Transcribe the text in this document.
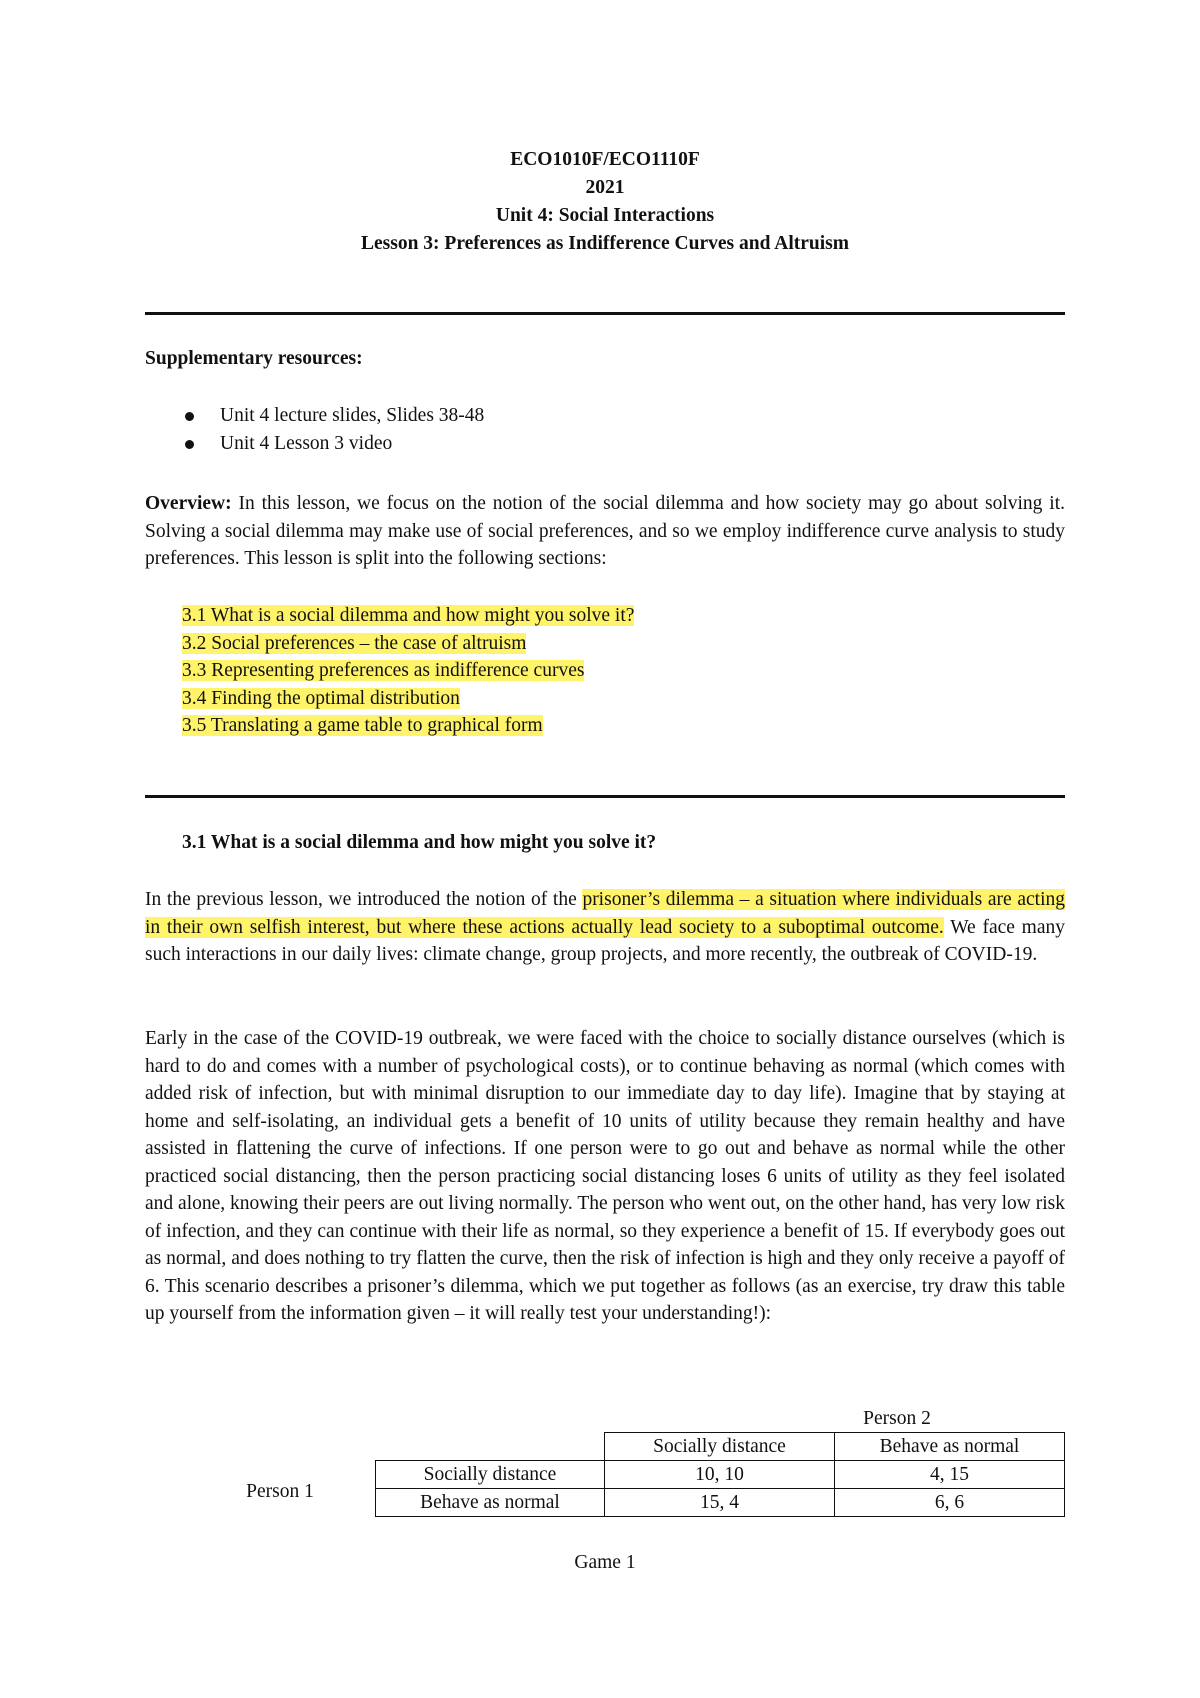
ECO1010F/ECO1110F
2021
Unit 4: Social Interactions
Lesson 3: Preferences as Indifference Curves and Altruism
Supplementary resources:
Unit 4 lecture slides, Slides 38-48
Unit 4 Lesson 3 video
Overview: In this lesson, we focus on the notion of the social dilemma and how society may go about solving it. Solving a social dilemma may make use of social preferences, and so we employ indifference curve analysis to study preferences. This lesson is split into the following sections:
3.1 What is a social dilemma and how might you solve it?
3.2 Social preferences – the case of altruism
3.3 Representing preferences as indifference curves
3.4 Finding the optimal distribution
3.5 Translating a game table to graphical form
3.1 What is a social dilemma and how might you solve it?
In the previous lesson, we introduced the notion of the prisoner’s dilemma – a situation where individuals are acting in their own selfish interest, but where these actions actually lead society to a suboptimal outcome. We face many such interactions in our daily lives: climate change, group projects, and more recently, the outbreak of COVID-19.
Early in the case of the COVID-19 outbreak, we were faced with the choice to socially distance ourselves (which is hard to do and comes with a number of psychological costs), or to continue behaving as normal (which comes with added risk of infection, but with minimal disruption to our immediate day to day life). Imagine that by staying at home and self-isolating, an individual gets a benefit of 10 units of utility because they remain healthy and have assisted in flattening the curve of infections. If one person were to go out and behave as normal while the other practiced social distancing, then the person practicing social distancing loses 6 units of utility as they feel isolated and alone, knowing their peers are out living normally. The person who went out, on the other hand, has very low risk of infection, and they can continue with their life as normal, so they experience a benefit of 15. If everybody goes out as normal, and does nothing to try flatten the curve, then the risk of infection is high and they only receive a payoff of 6. This scenario describes a prisoner’s dilemma, which we put together as follows (as an exercise, try draw this table up yourself from the information given – it will really test your understanding!):
Person 2
Person 1
	Socially distance	Behave as normal
Socially distance	10, 10	4, 15
Behave as normal	15, 4	6, 6
Game 1
